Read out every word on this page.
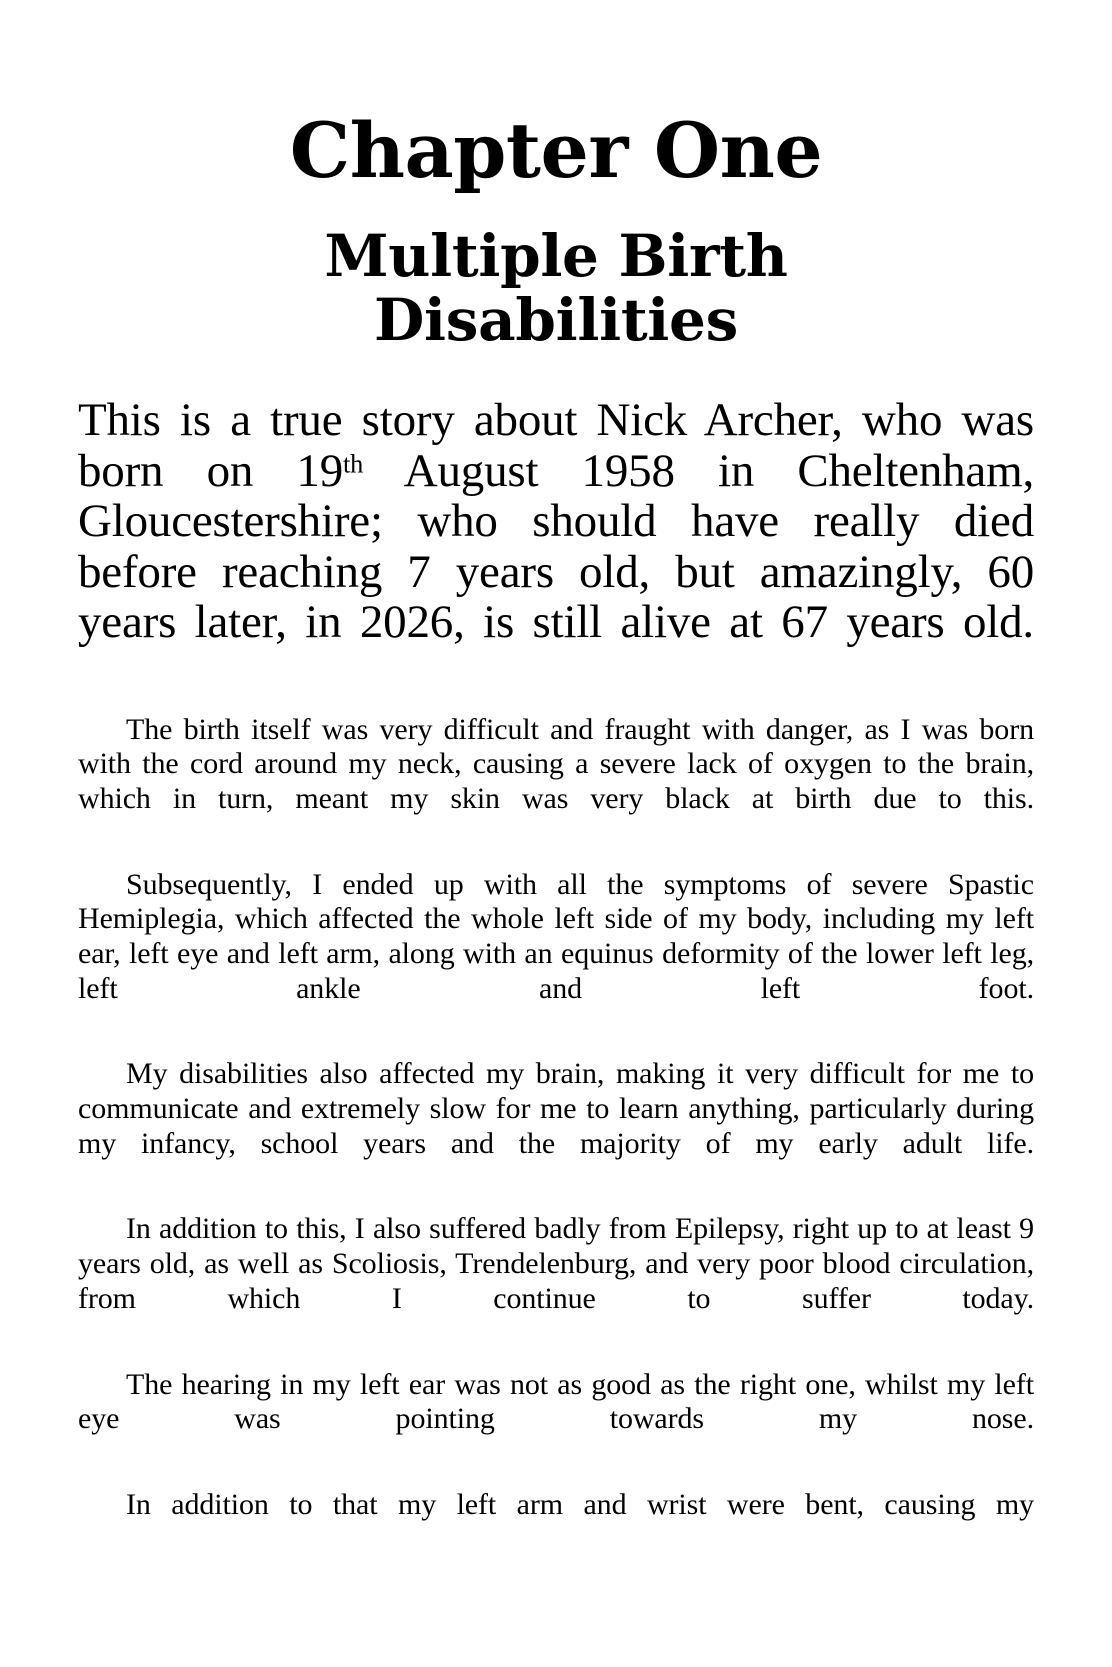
Chapter One
Multiple Birth Disabilities

This is a true story about Nick Archer, who was born on 19th August 1958 in Cheltenham, Gloucestershire; who should have really died before reaching 7 years old, but amazingly, 60 years later, in 2026, is still alive at 67 years old.

The birth itself was very difficult and fraught with danger, as I was born with the cord around my neck, causing a severe lack of oxygen to the brain, which in turn, meant my skin was very black at birth due to this.

Subsequently, I ended up with all the symptoms of severe Spastic Hemiplegia, which affected the whole left side of my body, including my left ear, left eye and left arm, along with an equinus deformity of the lower left leg, left ankle and left foot.

My disabilities also affected my brain, making it very difficult for me to communicate and extremely slow for me to learn anything, particularly during my infancy, school years and the majority of my early adult life.

In addition to this, I also suffered badly from Epilepsy, right up to at least 9 years old, as well as Scoliosis, Trendelenburg, and very poor blood circulation, from which I continue to suffer today.

The hearing in my left ear was not as good as the right one, whilst my left eye was pointing towards my nose.

In addition to that my left arm and wrist were bent, causing my
